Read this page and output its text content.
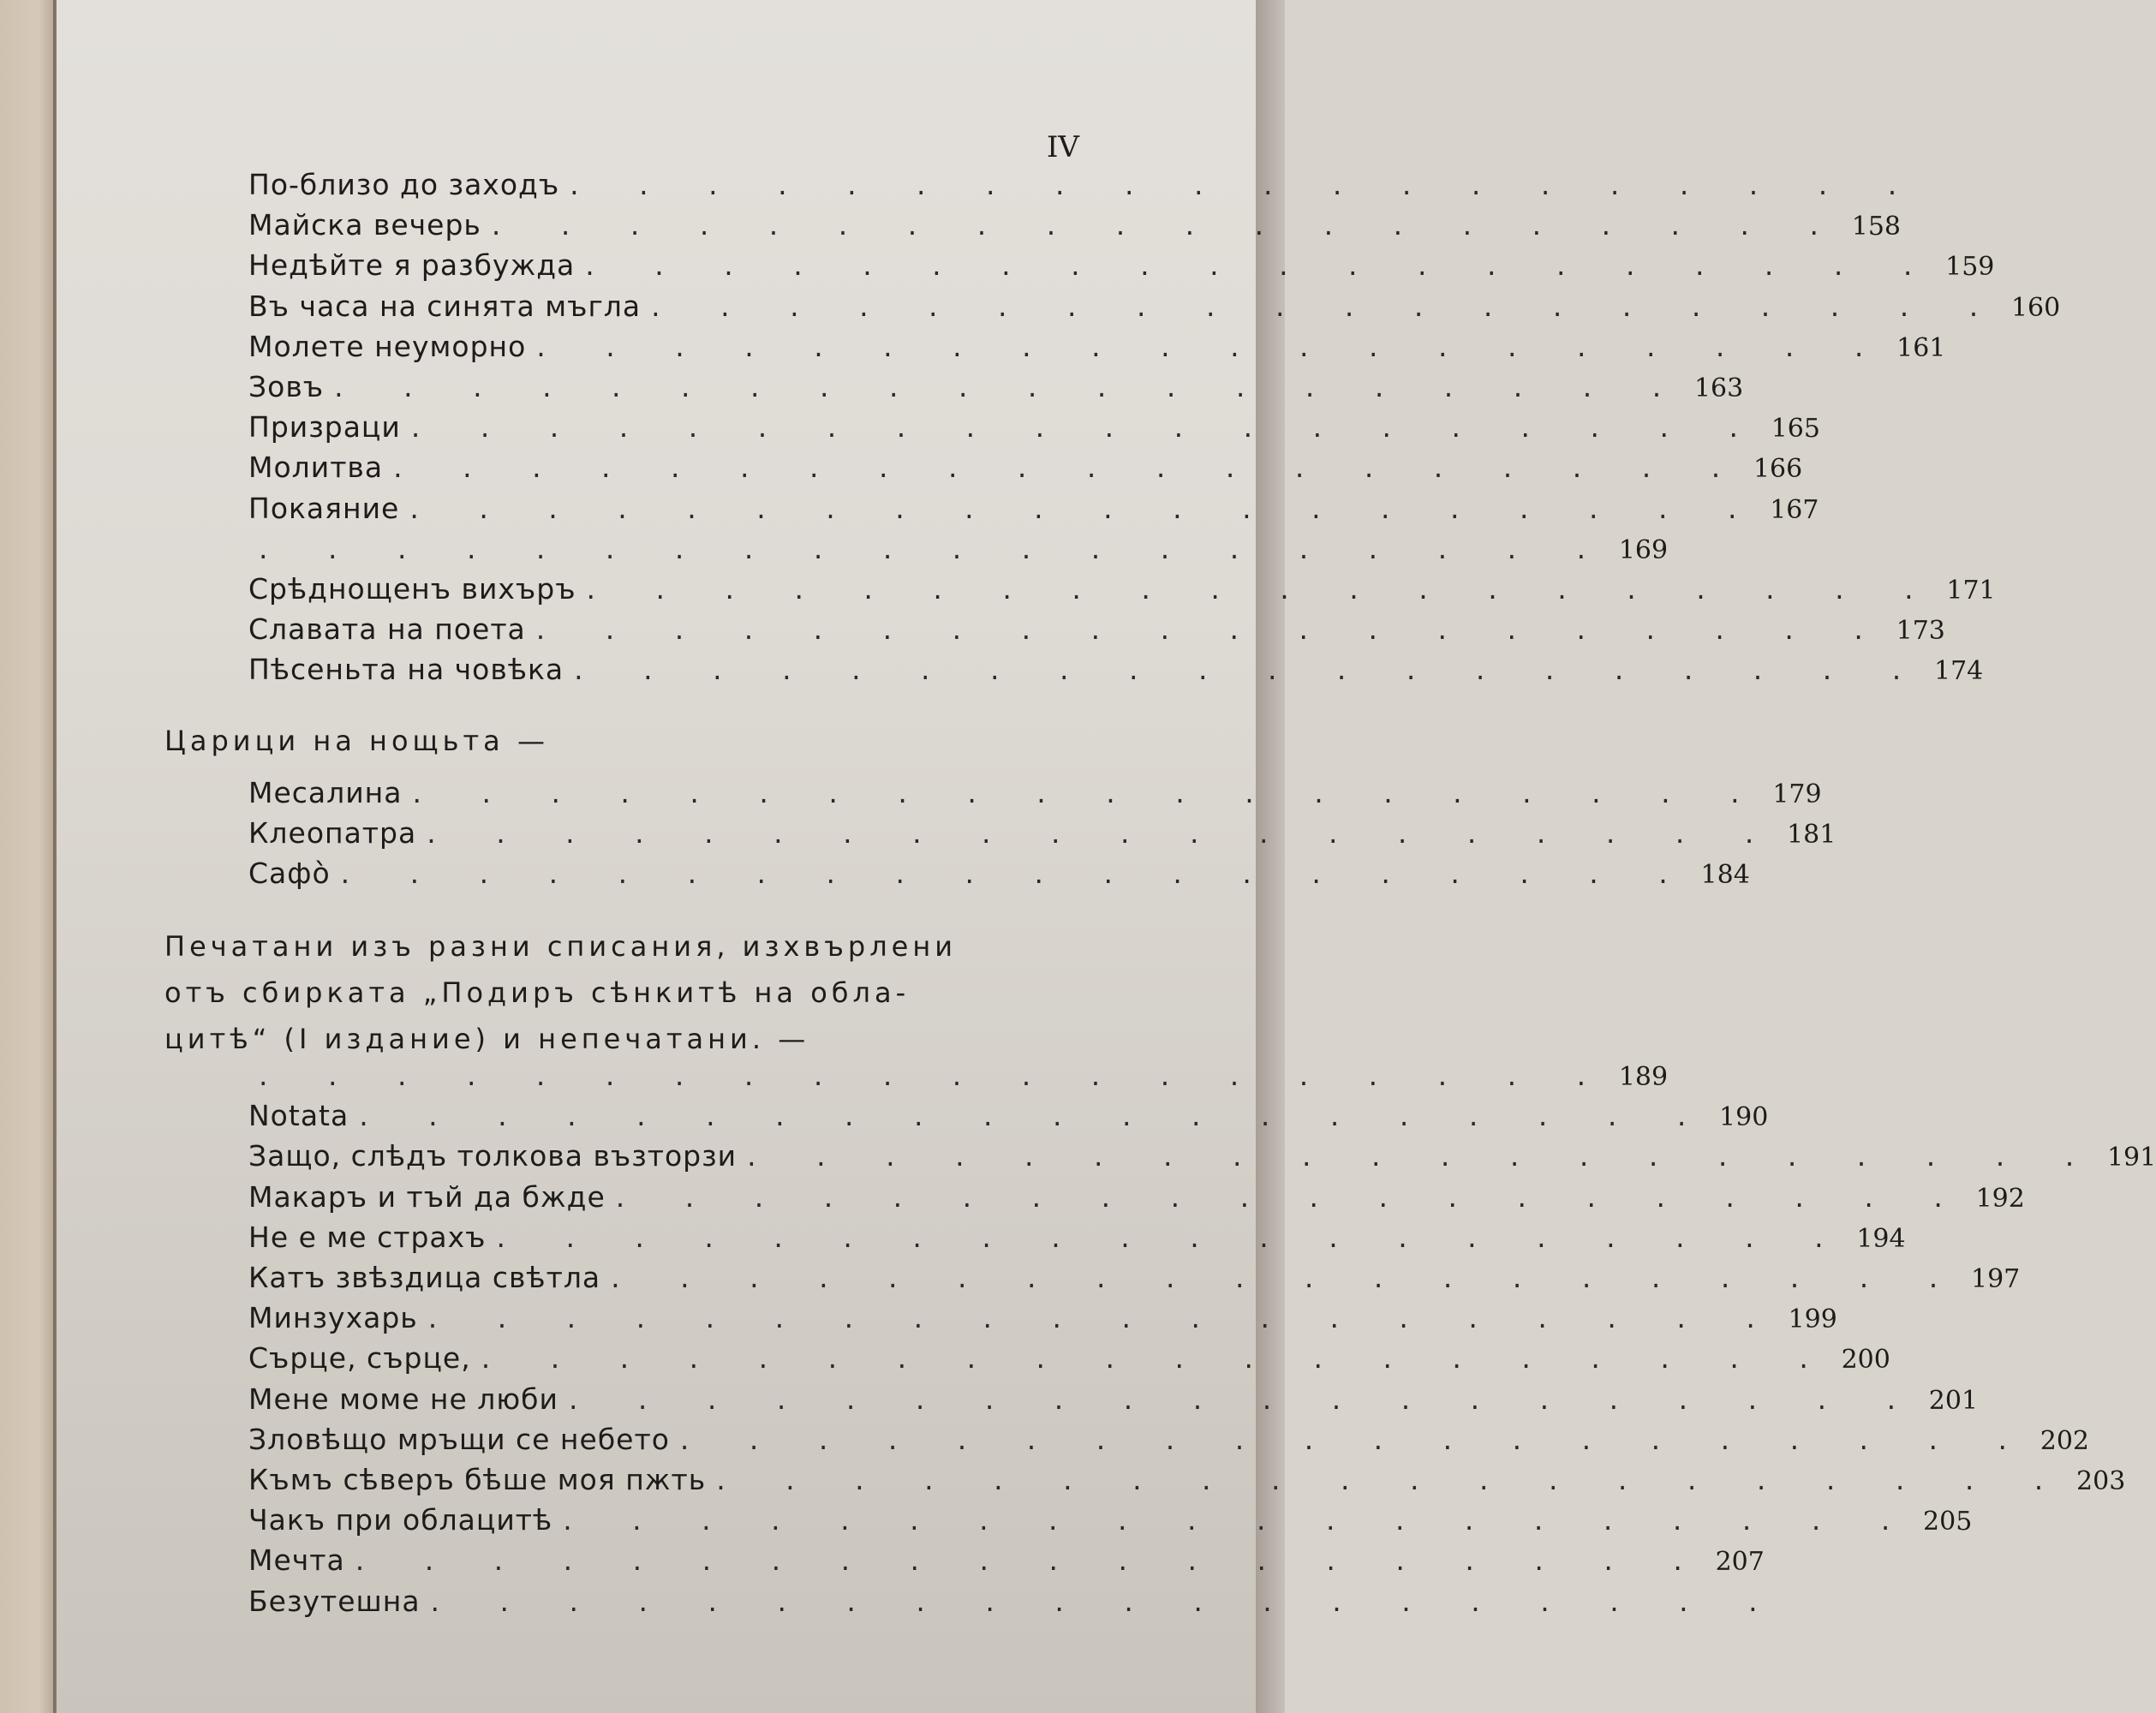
IV
По-близо до заходъ . . . . . . . . . . . . . . . . . . . .
Майска вечерь . . . . . . . . . . . . . . . . . . . . 158
Недѣйте я разбужда . . . . . . . . . . . . . . . . . . . . 159
Въ часа на синята мъгла . . . . . . . . . . . . . . . . . . . . 160
Молете неуморно . . . . . . . . . . . . . . . . . . . . 161
Зовъ . . . . . . . . . . . . . . . . . . . . 163
Призраци . . . . . . . . . . . . . . . . . . . . 165
Молитва . . . . . . . . . . . . . . . . . . . . 166
Покаяние . . . . . . . . . . . . . . . . . . . . 167
. . . . . . . . . . . . . . . . . . . . 169
Срѣднощенъ вихъръ . . . . . . . . . . . . . . . . . . . . 171
Славата на поета . . . . . . . . . . . . . . . . . . . . 173
Пѣсеньта на човѣка . . . . . . . . . . . . . . . . . . . . 174
Царици на нощьта —
Месалина . . . . . . . . . . . . . . . . . . . . 179
Клеопатра . . . . . . . . . . . . . . . . . . . . 181
Сафò . . . . . . . . . . . . . . . . . . . . 184
Печатани изъ разни списания, изхвърлени
отъ сбирката „Подиръ сѣнкитѣ на обла-
цитѣ“ (I издание) и непечатани. —
. . . . . . . . . . . . . . . . . . . . 189
Notata . . . . . . . . . . . . . . . . . . . . 190
Защо, слѣдъ толкова възторзи . . . . . . . . . . . . . . . . . . . . 191
Макаръ и тъй да бжде . . . . . . . . . . . . . . . . . . . . 192
Не е ме страхъ . . . . . . . . . . . . . . . . . . . . 194
Катъ звѣздица свѣтла . . . . . . . . . . . . . . . . . . . . 197
Минзухарь . . . . . . . . . . . . . . . . . . . . 199
Сърце, сърце, . . . . . . . . . . . . . . . . . . . . 200
Мене моме не люби . . . . . . . . . . . . . . . . . . . . 201
Зловѣщо мръщи се небето . . . . . . . . . . . . . . . . . . . . 202
Къмъ сѣверъ бѣше моя пжть . . . . . . . . . . . . . . . . . . . . 203
Чакъ при облацитѣ . . . . . . . . . . . . . . . . . . . . 205
Мечта . . . . . . . . . . . . . . . . . . . . 207
Безутешна . . . . . . . . . . . . . . . . . . . .
